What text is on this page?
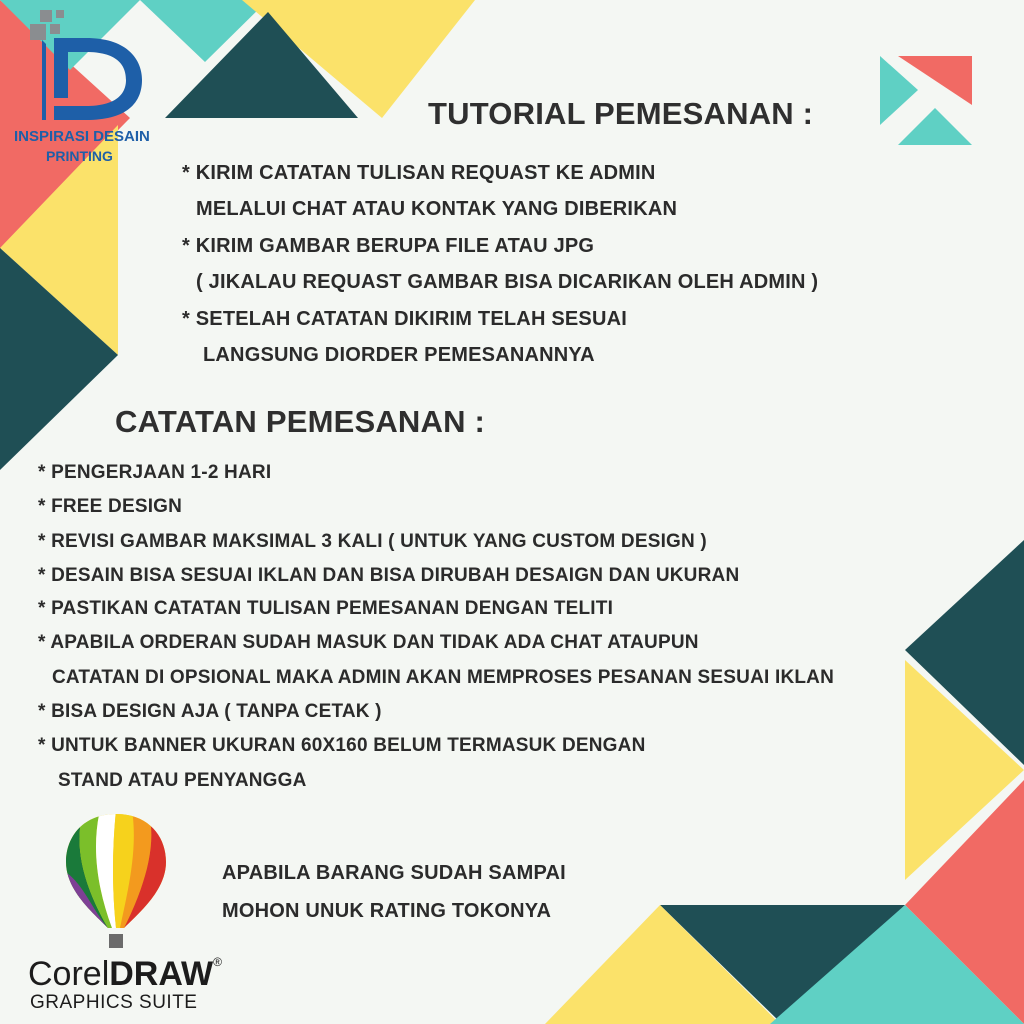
INSPIRASI DESAIN
PRINTING
TUTORIAL PEMESANAN :
* KIRIM CATATAN TULISAN REQUAST KE ADMIN
MELALUI CHAT ATAU KONTAK YANG DIBERIKAN
* KIRIM GAMBAR BERUPA FILE ATAU JPG
( JIKALAU REQUAST GAMBAR BISA DICARIKAN OLEH ADMIN )
* SETELAH CATATAN DIKIRIM TELAH SESUAI
LANGSUNG DIORDER PEMESANANNYA
CATATAN PEMESANAN :
* PENGERJAAN 1-2 HARI
* FREE DESIGN
* REVISI GAMBAR MAKSIMAL 3 KALI ( UNTUK YANG CUSTOM DESIGN )
* DESAIN BISA SESUAI IKLAN DAN BISA DIRUBAH DESAIGN DAN UKURAN
* PASTIKAN CATATAN TULISAN PEMESANAN DENGAN TELITI
* APABILA ORDERAN SUDAH MASUK DAN TIDAK ADA CHAT ATAUPUN
CATATAN DI OPSIONAL MAKA ADMIN AKAN MEMPROSES PESANAN SESUAI IKLAN
* BISA DESIGN AJA ( TANPA CETAK )
* UNTUK BANNER UKURAN 60X160 BELUM TERMASUK DENGAN
STAND ATAU PENYANGGA
APABILA BARANG SUDAH SAMPAI
MOHON UNUK RATING TOKONYA
CorelDRAW®
GRAPHICS SUITE
